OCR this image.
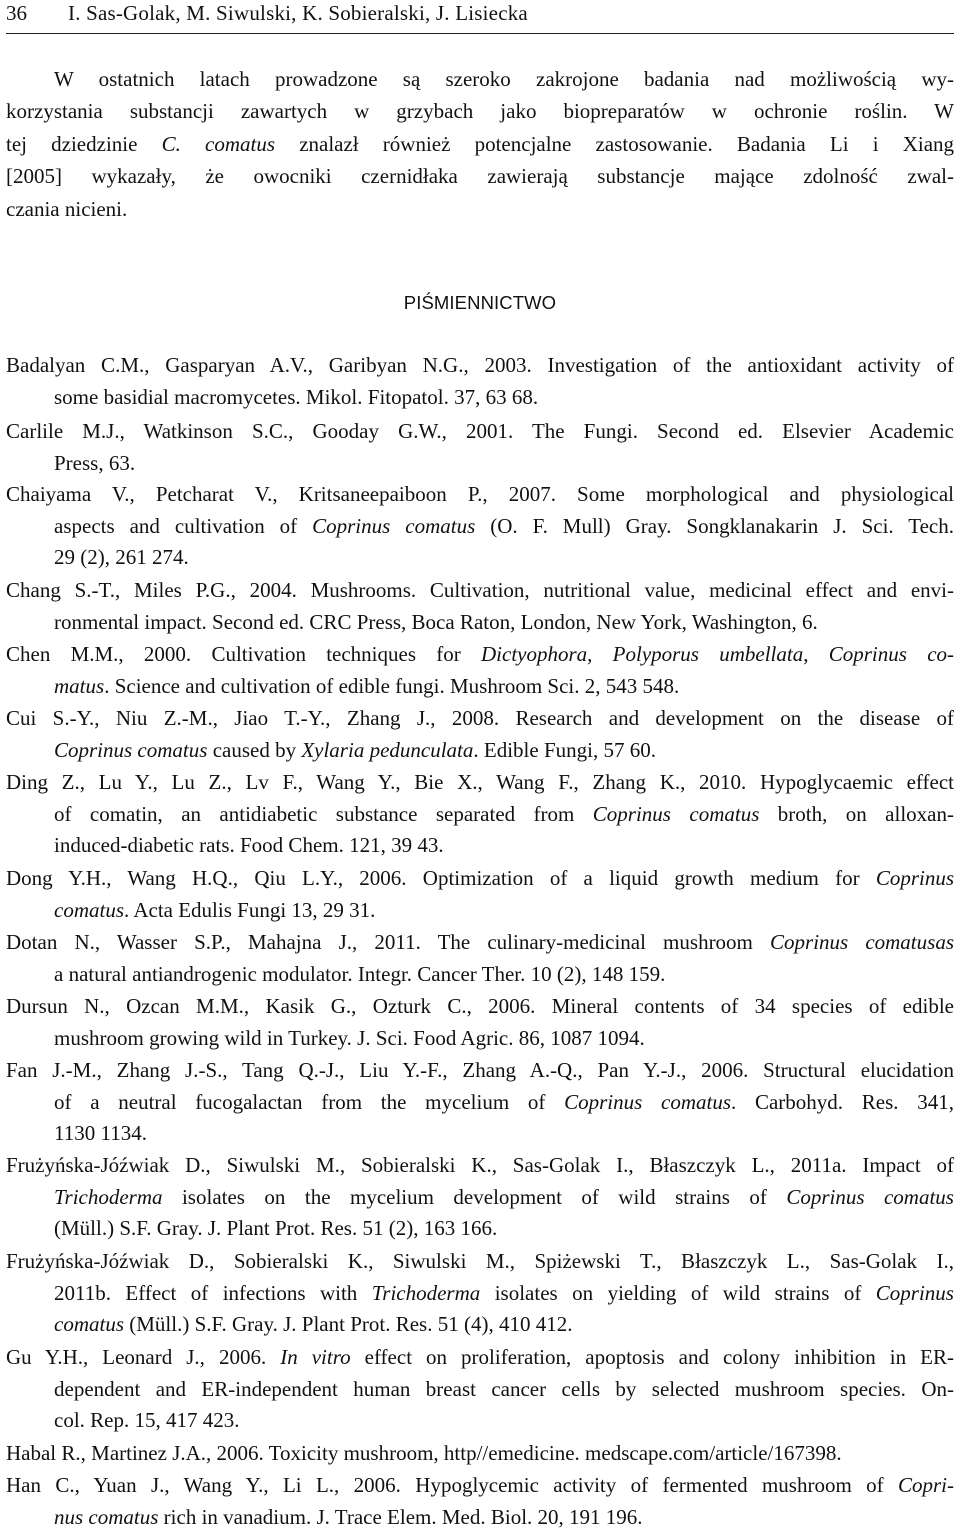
36 I. Sas-Golak, M. Siwulski, K. Sobieralski, J. Lisiecka
W ostatnich latach prowadzone są szeroko zakrojone badania nad możliwością wy-
korzystania substancji zawartych w grzybach jako biopreparatów w ochronie roślin. W
tej dziedzinie C. comatus znalazł również potencjalne zastosowanie. Badania Li i Xiang
[2005] wykazały, że owocniki czernidłaka zawierają substancje mające zdolność zwal-
czania nicieni.
PIŚMIENNICTWO
Badalyan C.M., Gasparyan A.V., Garibyan N.G., 2003. Investigation of the antioxidant activity of
some basidial macromycetes. Mikol. Fitopatol. 37, 63 68.
Carlile M.J., Watkinson S.C., Gooday G.W., 2001. The Fungi. Second ed. Elsevier Academic
Press, 63.
Chaiyama V., Petcharat V., Kritsaneepaiboon P., 2007. Some morphological and physiological
aspects and cultivation of Coprinus comatus (O. F. Mull) Gray. Songklanakarin J. Sci. Tech.
29 (2), 261 274.
Chang S.-T., Miles P.G., 2004. Mushrooms. Cultivation, nutritional value, medicinal effect and envi-
ronmental impact. Second ed. CRC Press, Boca Raton, London, New York, Washington, 6.
Chen M.M., 2000. Cultivation techniques for Dictyophora, Polyporus umbellata, Coprinus co-
matus. Science and cultivation of edible fungi. Mushroom Sci. 2, 543 548.
Cui S.-Y., Niu Z.-M., Jiao T.-Y., Zhang J., 2008. Research and development on the disease of
Coprinus comatus caused by Xylaria pedunculata. Edible Fungi, 57 60.
Ding Z., Lu Y., Lu Z., Lv F., Wang Y., Bie X., Wang F., Zhang K., 2010. Hypoglycaemic effect
of comatin, an antidiabetic substance separated from Coprinus comatus broth, on alloxan-
induced-diabetic rats. Food Chem. 121, 39 43.
Dong Y.H., Wang H.Q., Qiu L.Y., 2006. Optimization of a liquid growth medium for Coprinus
comatus. Acta Edulis Fungi 13, 29 31.
Dotan N., Wasser S.P., Mahajna J., 2011. The culinary-medicinal mushroom Coprinus comatusas
a natural antiandrogenic modulator. Integr. Cancer Ther. 10 (2), 148 159.
Dursun N., Ozcan M.M., Kasik G., Ozturk C., 2006. Mineral contents of 34 species of edible
mushroom growing wild in Turkey. J. Sci. Food Agric. 86, 1087 1094.
Fan J.-M., Zhang J.-S., Tang Q.-J., Liu Y.-F., Zhang A.-Q., Pan Y.-J., 2006. Structural elucidation
of a neutral fucogalactan from the mycelium of Coprinus comatus. Carbohyd. Res. 341,
1130 1134.
Frużyńska-Jóźwiak D., Siwulski M., Sobieralski K., Sas-Golak I., Błaszczyk L., 2011a. Impact of
Trichoderma isolates on the mycelium development of wild strains of Coprinus comatus
(Müll.) S.F. Gray. J. Plant Prot. Res. 51 (2), 163 166.
Frużyńska-Jóźwiak D., Sobieralski K., Siwulski M., Spiżewski T., Błaszczyk L., Sas-Golak I.,
2011b. Effect of infections with Trichoderma isolates on yielding of wild strains of Coprinus
comatus (Müll.) S.F. Gray. J. Plant Prot. Res. 51 (4), 410 412.
Gu Y.H., Leonard J., 2006. In vitro effect on proliferation, apoptosis and colony inhibition in ER-
dependent and ER-independent human breast cancer cells by selected mushroom species. On-
col. Rep. 15, 417 423.
Habal R., Martinez J.A., 2006. Toxicity mushroom, http//emedicine. medscape.com/article/167398.
Han C., Yuan J., Wang Y., Li L., 2006. Hypoglycemic activity of fermented mushroom of Copri-
nus comatus rich in vanadium. J. Trace Elem. Med. Biol. 20, 191 196.
